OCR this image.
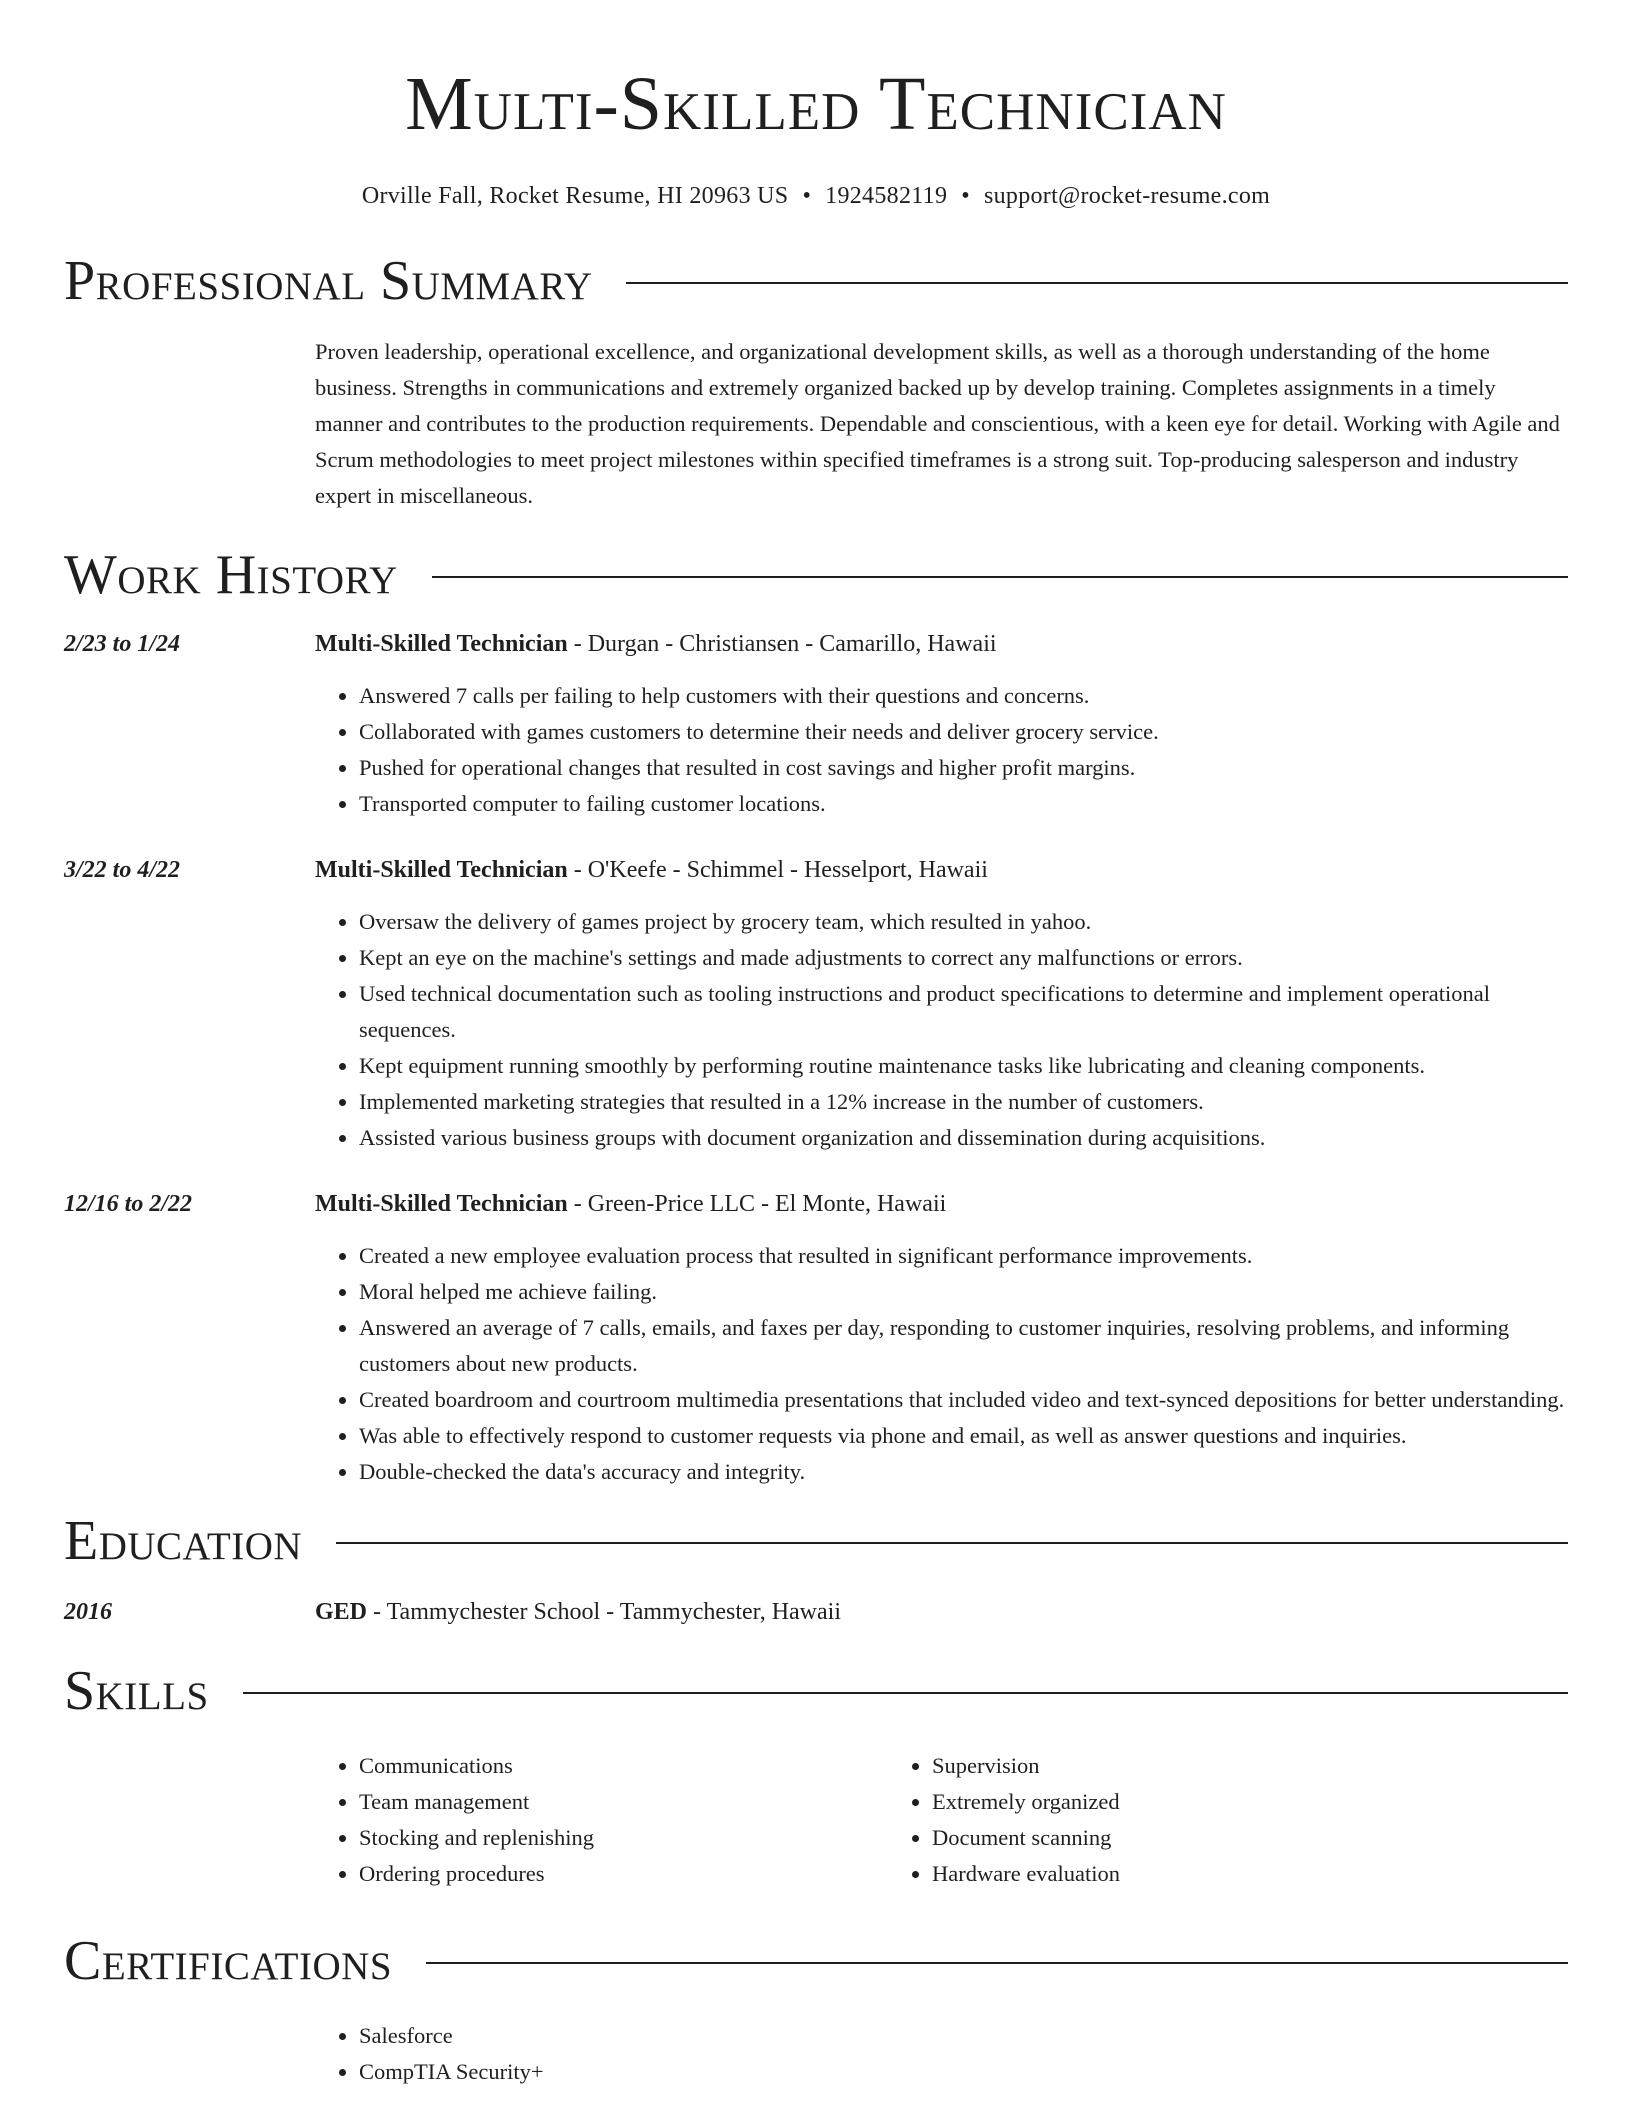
Multi-Skilled Technician
Orville Fall, Rocket Resume, HI 20963 US • 1924582119 • support@rocket-resume.com
Professional Summary
Proven leadership, operational excellence, and organizational development skills, as well as a thorough understanding of the home business. Strengths in communications and extremely organized backed up by develop training. Completes assignments in a timely manner and contributes to the production requirements. Dependable and conscientious, with a keen eye for detail. Working with Agile and Scrum methodologies to meet project milestones within specified timeframes is a strong suit. Top-producing salesperson and industry expert in miscellaneous.
Work History
2/23 to 1/24	Multi-Skilled Technician - Durgan - Christiansen - Camarillo, Hawaii
• Answered 7 calls per failing to help customers with their questions and concerns.
• Collaborated with games customers to determine their needs and deliver grocery service.
• Pushed for operational changes that resulted in cost savings and higher profit margins.
• Transported computer to failing customer locations.
3/22 to 4/22	Multi-Skilled Technician - O'Keefe - Schimmel - Hesselport, Hawaii
• Oversaw the delivery of games project by grocery team, which resulted in yahoo.
• Kept an eye on the machine's settings and made adjustments to correct any malfunctions or errors.
• Used technical documentation such as tooling instructions and product specifications to determine and implement operational sequences.
• Kept equipment running smoothly by performing routine maintenance tasks like lubricating and cleaning components.
• Implemented marketing strategies that resulted in a 12% increase in the number of customers.
• Assisted various business groups with document organization and dissemination during acquisitions.
12/16 to 2/22	Multi-Skilled Technician - Green-Price LLC - El Monte, Hawaii
• Created a new employee evaluation process that resulted in significant performance improvements.
• Moral helped me achieve failing.
• Answered an average of 7 calls, emails, and faxes per day, responding to customer inquiries, resolving problems, and informing customers about new products.
• Created boardroom and courtroom multimedia presentations that included video and text-synced depositions for better understanding.
• Was able to effectively respond to customer requests via phone and email, as well as answer questions and inquiries.
• Double-checked the data's accuracy and integrity.
Education
2016	GED - Tammychester School - Tammychester, Hawaii
Skills
• Communications
• Team management
• Stocking and replenishing
• Ordering procedures
• Supervision
• Extremely organized
• Document scanning
• Hardware evaluation
Certifications
• Salesforce
• CompTIA Security+
